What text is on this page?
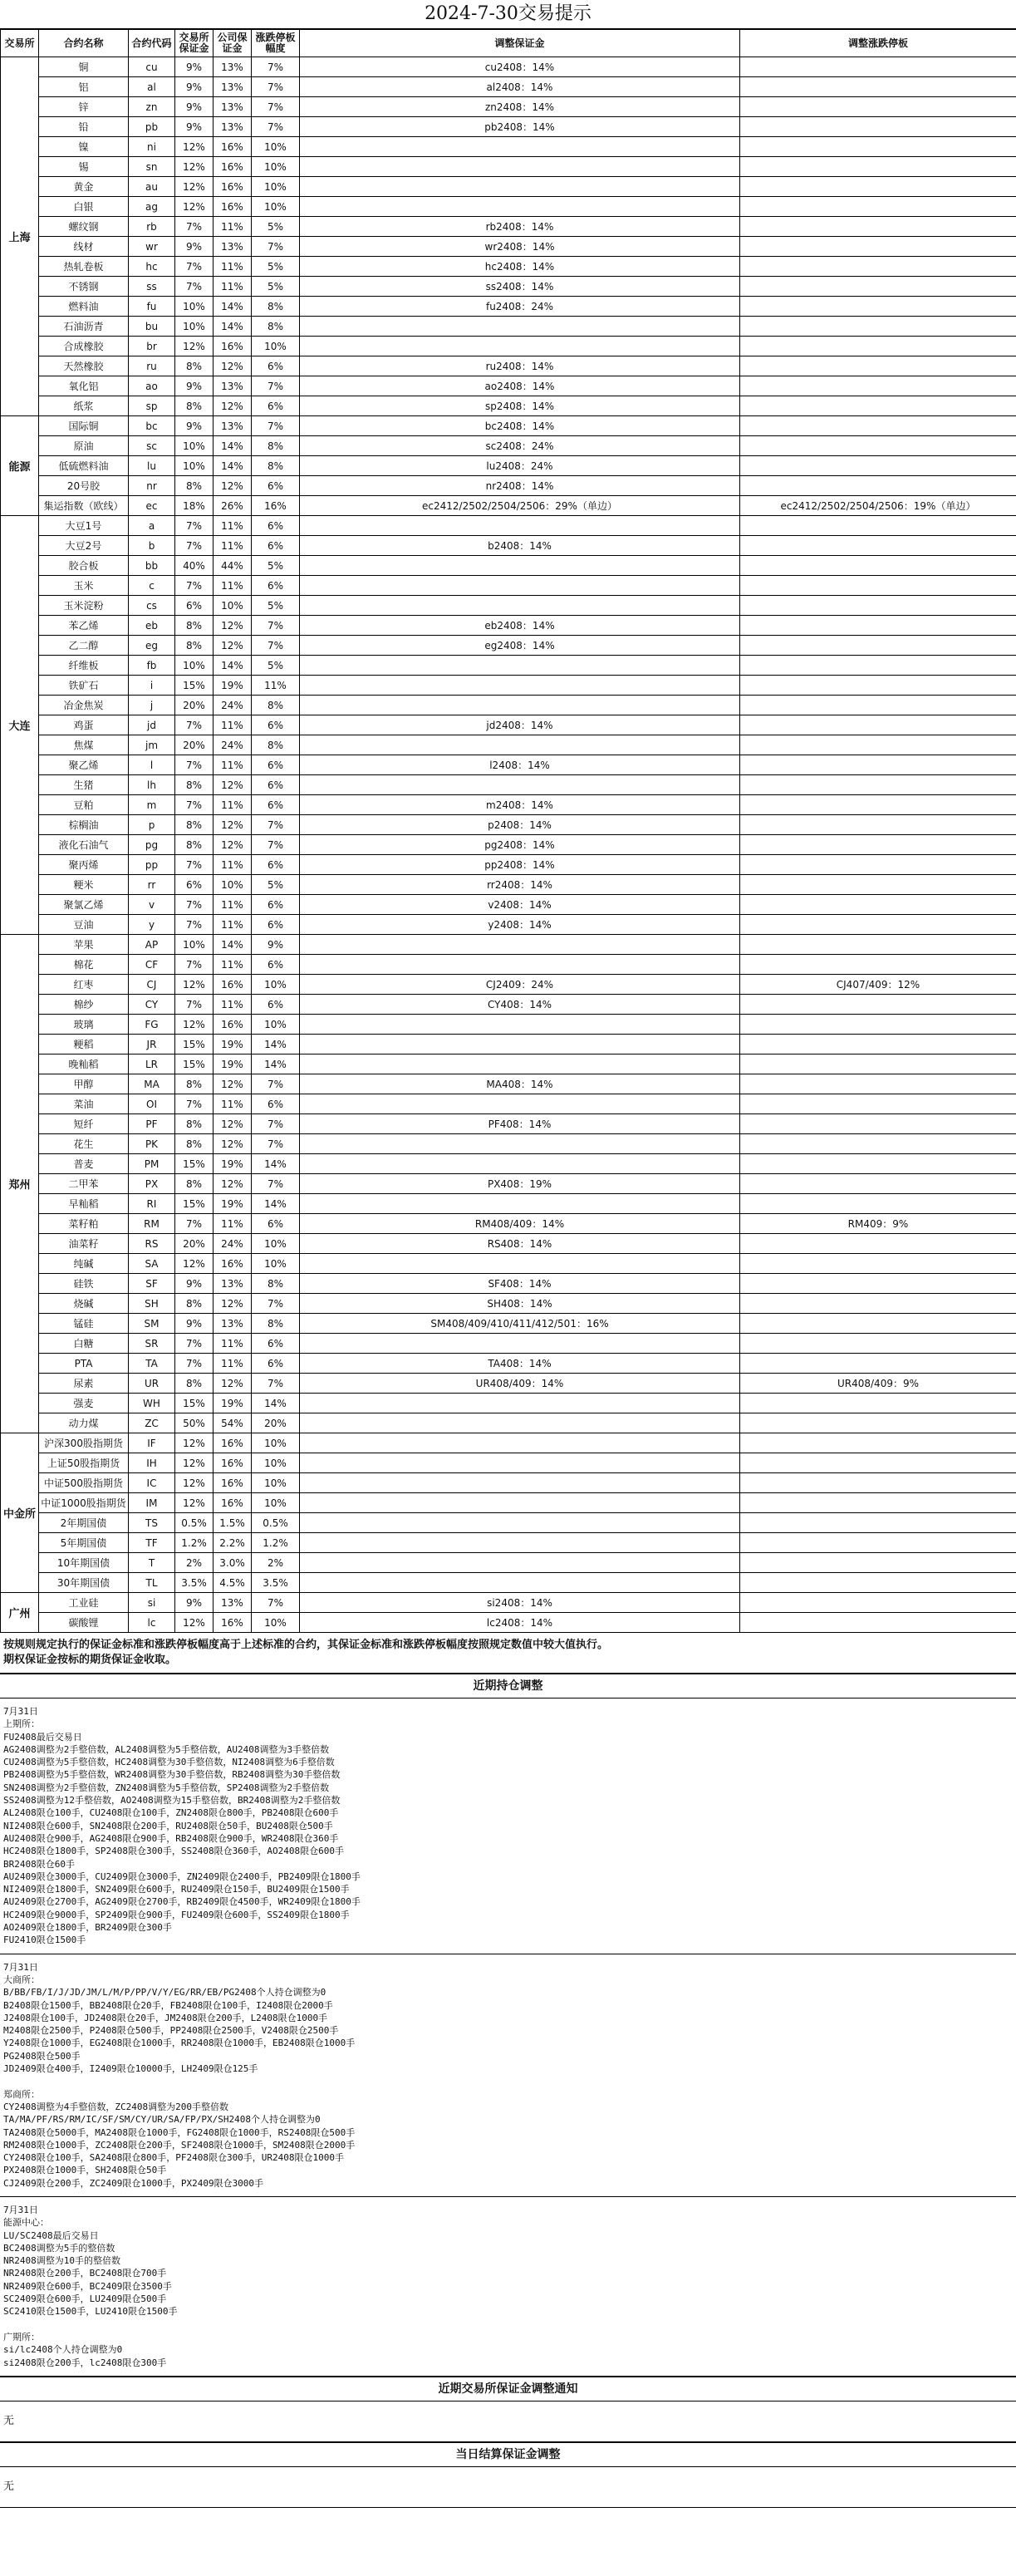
2024-7-30交易提示
交易所	合约名称	合约代码	交易所保证金	公司保证金	涨跌停板幅度	调整保证金	调整涨跌停板
上海	铜	cu	9%	13%	7%	cu2408：14%	
	铝	al	9%	13%	7%	al2408：14%	
	锌	zn	9%	13%	7%	zn2408：14%	
	铅	pb	9%	13%	7%	pb2408：14%	
	镍	ni	12%	16%	10%		
	锡	sn	12%	16%	10%		
	黄金	au	12%	16%	10%		
	白银	ag	12%	16%	10%		
	螺纹钢	rb	7%	11%	5%	rb2408：14%	
	线材	wr	9%	13%	7%	wr2408：14%	
	热轧卷板	hc	7%	11%	5%	hc2408：14%	
	不锈钢	ss	7%	11%	5%	ss2408：14%	
	燃料油	fu	10%	14%	8%	fu2408：24%	
	石油沥青	bu	10%	14%	8%		
	合成橡胶	br	12%	16%	10%		
	天然橡胶	ru	8%	12%	6%	ru2408：14%	
	氧化铝	ao	9%	13%	7%	ao2408：14%	
	纸浆	sp	8%	12%	6%	sp2408：14%	
能源	国际铜	bc	9%	13%	7%	bc2408：14%	
	原油	sc	10%	14%	8%	sc2408：24%	
	低硫燃料油	lu	10%	14%	8%	lu2408：24%	
	20号胶	nr	8%	12%	6%	nr2408：14%	
	集运指数（欧线）	ec	18%	26%	16%	ec2412/2502/2504/2506：29%（单边）	ec2412/2502/2504/2506：19%（单边）
大连	大豆1号	a	7%	11%	6%		
	大豆2号	b	7%	11%	6%	b2408：14%	
	胶合板	bb	40%	44%	5%		
	玉米	c	7%	11%	6%		
	玉米淀粉	cs	6%	10%	5%		
	苯乙烯	eb	8%	12%	7%	eb2408：14%	
	乙二醇	eg	8%	12%	7%	eg2408：14%	
	纤维板	fb	10%	14%	5%		
	铁矿石	i	15%	19%	11%		
	冶金焦炭	j	20%	24%	8%		
	鸡蛋	jd	7%	11%	6%	jd2408：14%	
	焦煤	jm	20%	24%	8%		
	聚乙烯	l	7%	11%	6%	l2408：14%	
	生猪	lh	8%	12%	6%		
	豆粕	m	7%	11%	6%	m2408：14%	
	棕榈油	p	8%	12%	7%	p2408：14%	
	液化石油气	pg	8%	12%	7%	pg2408：14%	
	聚丙烯	pp	7%	11%	6%	pp2408：14%	
	粳米	rr	6%	10%	5%	rr2408：14%	
	聚氯乙烯	v	7%	11%	6%	v2408：14%	
	豆油	y	7%	11%	6%	y2408：14%	
郑州	苹果	AP	10%	14%	9%		
	棉花	CF	7%	11%	6%		
	红枣	CJ	12%	16%	10%	CJ2409：24%	CJ407/409：12%
	棉纱	CY	7%	11%	6%	CY408：14%	
	玻璃	FG	12%	16%	10%		
	粳稻	JR	15%	19%	14%		
	晚籼稻	LR	15%	19%	14%		
	甲醇	MA	8%	12%	7%	MA408：14%	
	菜油	OI	7%	11%	6%		
	短纤	PF	8%	12%	7%	PF408：14%	
	花生	PK	8%	12%	7%		
	普麦	PM	15%	19%	14%		
	二甲苯	PX	8%	12%	7%	PX408：19%	
	早籼稻	RI	15%	19%	14%		
	菜籽粕	RM	7%	11%	6%	RM408/409：14%	RM409：9%
	油菜籽	RS	20%	24%	10%	RS408：14%	
	纯碱	SA	12%	16%	10%		
	硅铁	SF	9%	13%	8%	SF408：14%	
	烧碱	SH	8%	12%	7%	SH408：14%	
	锰硅	SM	9%	13%	8%	SM408/409/410/411/412/501：16%	
	白糖	SR	7%	11%	6%		
	PTA	TA	7%	11%	6%	TA408：14%	
	尿素	UR	8%	12%	7%	UR408/409：14%	UR408/409：9%
	强麦	WH	15%	19%	14%		
	动力煤	ZC	50%	54%	20%		
中金所	沪深300股指期货	IF	12%	16%	10%		
	上证50股指期货	IH	12%	16%	10%		
	中证500股指期货	IC	12%	16%	10%		
	中证1000股指期货	IM	12%	16%	10%		
	2年期国债	TS	0.5%	1.5%	0.5%		
	5年期国债	TF	1.2%	2.2%	1.2%		
	10年期国债	T	2%	3.0%	2%		
	30年期国债	TL	3.5%	4.5%	3.5%		
广州	工业硅	si	9%	13%	7%	si2408：14%	
	碳酸锂	lc	12%	16%	10%	lc2408：14%	
按规则规定执行的保证金标准和涨跌停板幅度高于上述标准的合约，其保证金标准和涨跌停板幅度按照规定数值中较大值执行。
期权保证金按标的期货保证金收取。
近期持仓调整
7月31日
上期所：
FU2408最后交易日
AG2408调整为2手整倍数，AL2408调整为5手整倍数，AU2408调整为3手整倍数
CU2408调整为5手整倍数，HC2408调整为30手整倍数，NI2408调整为6手整倍数
PB2408调整为5手整倍数，WR2408调整为30手整倍数，RB2408调整为30手整倍数
SN2408调整为2手整倍数，ZN2408调整为5手整倍数，SP2408调整为2手整倍数
SS2408调整为12手整倍数，AO2408调整为15手整倍数，BR2408调整为2手整倍数
AL2408限仓100手，CU2408限仓100手，ZN2408限仓800手，PB2408限仓600手
NI2408限仓600手，SN2408限仓200手，RU2408限仓50手，BU2408限仓500手
AU2408限仓900手，AG2408限仓900手，RB2408限仓900手，WR2408限仓360手
HC2408限仓1800手，SP2408限仓300手，SS2408限仓360手，AO2408限仓600手
BR2408限仓60手
AU2409限仓3000手，CU2409限仓3000手，ZN2409限仓2400手，PB2409限仓1800手
NI2409限仓1800手，SN2409限仓600手，RU2409限仓150手，BU2409限仓1500手
AU2409限仓2700手，AG2409限仓2700手，RB2409限仓4500手，WR2409限仓1800手
HC2409限仓9000手，SP2409限仓900手，FU2409限仓600手，SS2409限仓1800手
AO2409限仓1800手，BR2409限仓300手
FU2410限仓1500手
7月31日
大商所：
B/BB/FB/I/J/JD/JM/L/M/P/PP/V/Y/EG/RR/EB/PG2408个人持仓调整为0
B2408限仓1500手，BB2408限仓20手，FB2408限仓100手，I2408限仓2000手
J2408限仓100手，JD2408限仓20手，JM2408限仓200手，L2408限仓1000手
M2408限仓2500手，P2408限仓500手，PP2408限仓2500手，V2408限仓2500手
Y2408限仓1000手，EG2408限仓1000手，RR2408限仓1000手，EB2408限仓1000手
PG2408限仓500手
JD2409限仓400手，I2409限仓10000手，LH2409限仓125手

郑商所：
CY2408调整为4手整倍数，ZC2408调整为200手整倍数
TA/MA/PF/RS/RM/IC/SF/SM/CY/UR/SA/FP/PX/SH2408个人持仓调整为0
TA2408限仓5000手，MA2408限仓1000手，FG2408限仓1000手，RS2408限仓500手
RM2408限仓1000手，ZC2408限仓200手，SF2408限仓1000手，SM2408限仓2000手
CY2408限仓100手，SA2408限仓800手，PF2408限仓300手，UR2408限仓1000手
PX2408限仓1000手，SH2408限仓50手
CJ2409限仓200手，ZC2409限仓1000手，PX2409限仓3000手
7月31日
能源中心：
LU/SC2408最后交易日
BC2408调整为5手的整倍数
NR2408调整为10手的整倍数
NR2408限仓200手，BC2408限仓700手
NR2409限仓600手，BC2409限仓3500手
SC2409限仓600手，LU2409限仓500手
SC2410限仓1500手，LU2410限仓1500手

广期所：
si/lc2408个人持仓调整为0
si2408限仓200手，lc2408限仓300手
近期交易所保证金调整通知
无
当日结算保证金调整
无
